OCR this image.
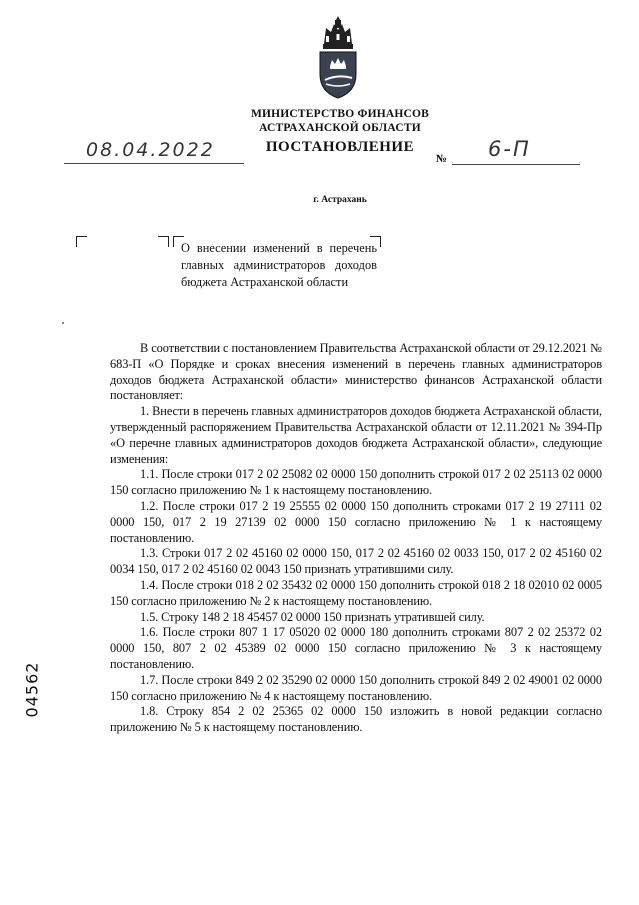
МИНИСТЕРСТВО ФИНАНСОВ
АСТРАХАНСКОЙ ОБЛАСТИ
ПОСТАНОВЛЕНИЕ
08.04.2022	№ 6-П
г. Астрахань
О внесении изменений в перечень главных администраторов доходов бюджета Астраханской области

В соответствии с постановлением Правительства Астраханской области от 29.12.2021 № 683-П «О Порядке и сроках внесения изменений в перечень главных администраторов доходов бюджета Астраханской области» министерство финансов Астраханской области постановляет:

1. Внести в перечень главных администраторов доходов бюджета Астраханской области, утвержденный распоряжением Правительства Астраханской области от 12.11.2021 № 394-Пр «О перечне главных администраторов доходов бюджета Астраханской области», следующие изменения:

1.1. После строки 017 2 02 25082 02 0000 150 дополнить строкой 017 2 02 25113 02 0000 150 согласно приложению № 1 к настоящему постановлению.

1.2. После строки 017 2 19 25555 02 0000 150 дополнить строками 017 2 19 27111 02 0000 150, 017 2 19 27139 02 0000 150 согласно приложению № 1 к настоящему постановлению.

1.3. Строки 017 2 02 45160 02 0000 150, 017 2 02 45160 02 0033 150, 017 2 02 45160 02 0034 150, 017 2 02 45160 02 0043 150 признать утратившими силу.

1.4. После строки 018 2 02 35432 02 0000 150 дополнить строкой 018 2 18 02010 02 0005 150 согласно приложению № 2 к настоящему постановлению.

1.5. Строку 148 2 18 45457 02 0000 150 признать утратившей силу.

1.6. После строки 807 1 17 05020 02 0000 180 дополнить строками 807 2 02 25372 02 0000 150, 807 2 02 45389 02 0000 150 согласно приложению № 3 к настоящему постановлению.

1.7. После строки 849 2 02 35290 02 0000 150 дополнить строкой 849 2 02 49001 02 0000 150 согласно приложению № 4 к настоящему постановлению.

1.8. Строку 854 2 02 25365 02 0000 150 изложить в новой редакции согласно приложению № 5 к настоящему постановлению.

04562
